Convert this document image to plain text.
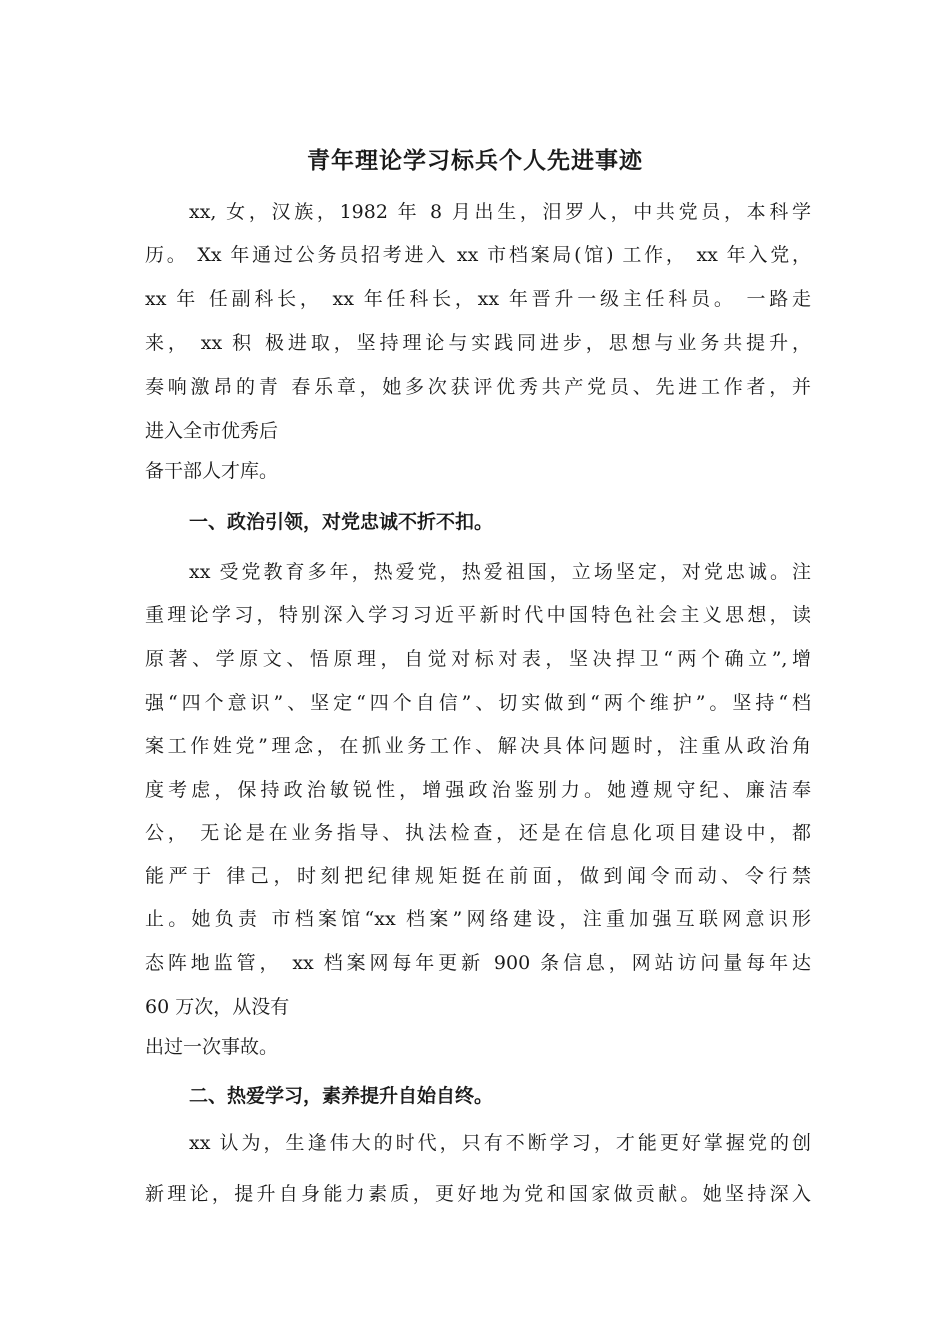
青年理论学习标兵个人先进事迹
xx, 女，汉族，1982 年 8 月出生，汨罗人，中共党员，本科学
历。 Xx 年通过公务员招考进入 xx 市档案局(馆) 工作， xx 年入党，
xx 年 任副科长， xx 年任科长，xx 年晋升一级主任科员。 一路走
来， xx 积 极进取，坚持理论与实践同进步，思想与业务共提升，
奏响激昂的青 春乐章，她多次获评优秀共产党员、先进工作者，并
进入全市优秀后
备干部人才库。
一、政治引领，对党忠诚不折不扣。
xx 受党教育多年，热爱党，热爱祖国，立场坚定，对党忠诚。注
重理论学习，特别深入学习习近平新时代中国特色社会主义思想，读
原著、学原文、悟原理，自觉对标对表，坚决捍卫“两个确立”,增
强“四个意识”、坚定“四个自信”、切实做到“两个维护”。坚持“档
案工作姓党”理念，在抓业务工作、解决具体问题时，注重从政治角
度考虑，保持政治敏锐性，增强政治鉴别力。她遵规守纪、廉洁奉
公， 无论是在业务指导、执法检查，还是在信息化项目建设中，都
能严于 律己，时刻把纪律规矩挺在前面，做到闻令而动、令行禁
止。她负责 市档案馆“xx 档案”网络建设，注重加强互联网意识形
态阵地监管， xx 档案网每年更新 900 条信息，网站访问量每年达
60 万次，从没有
出过一次事故。
二、热爱学习，素养提升自始自终。
xx 认为，生逢伟大的时代，只有不断学习，才能更好掌握党的创
新理论，提升自身能力素质，更好地为党和国家做贡献。她坚持深入
